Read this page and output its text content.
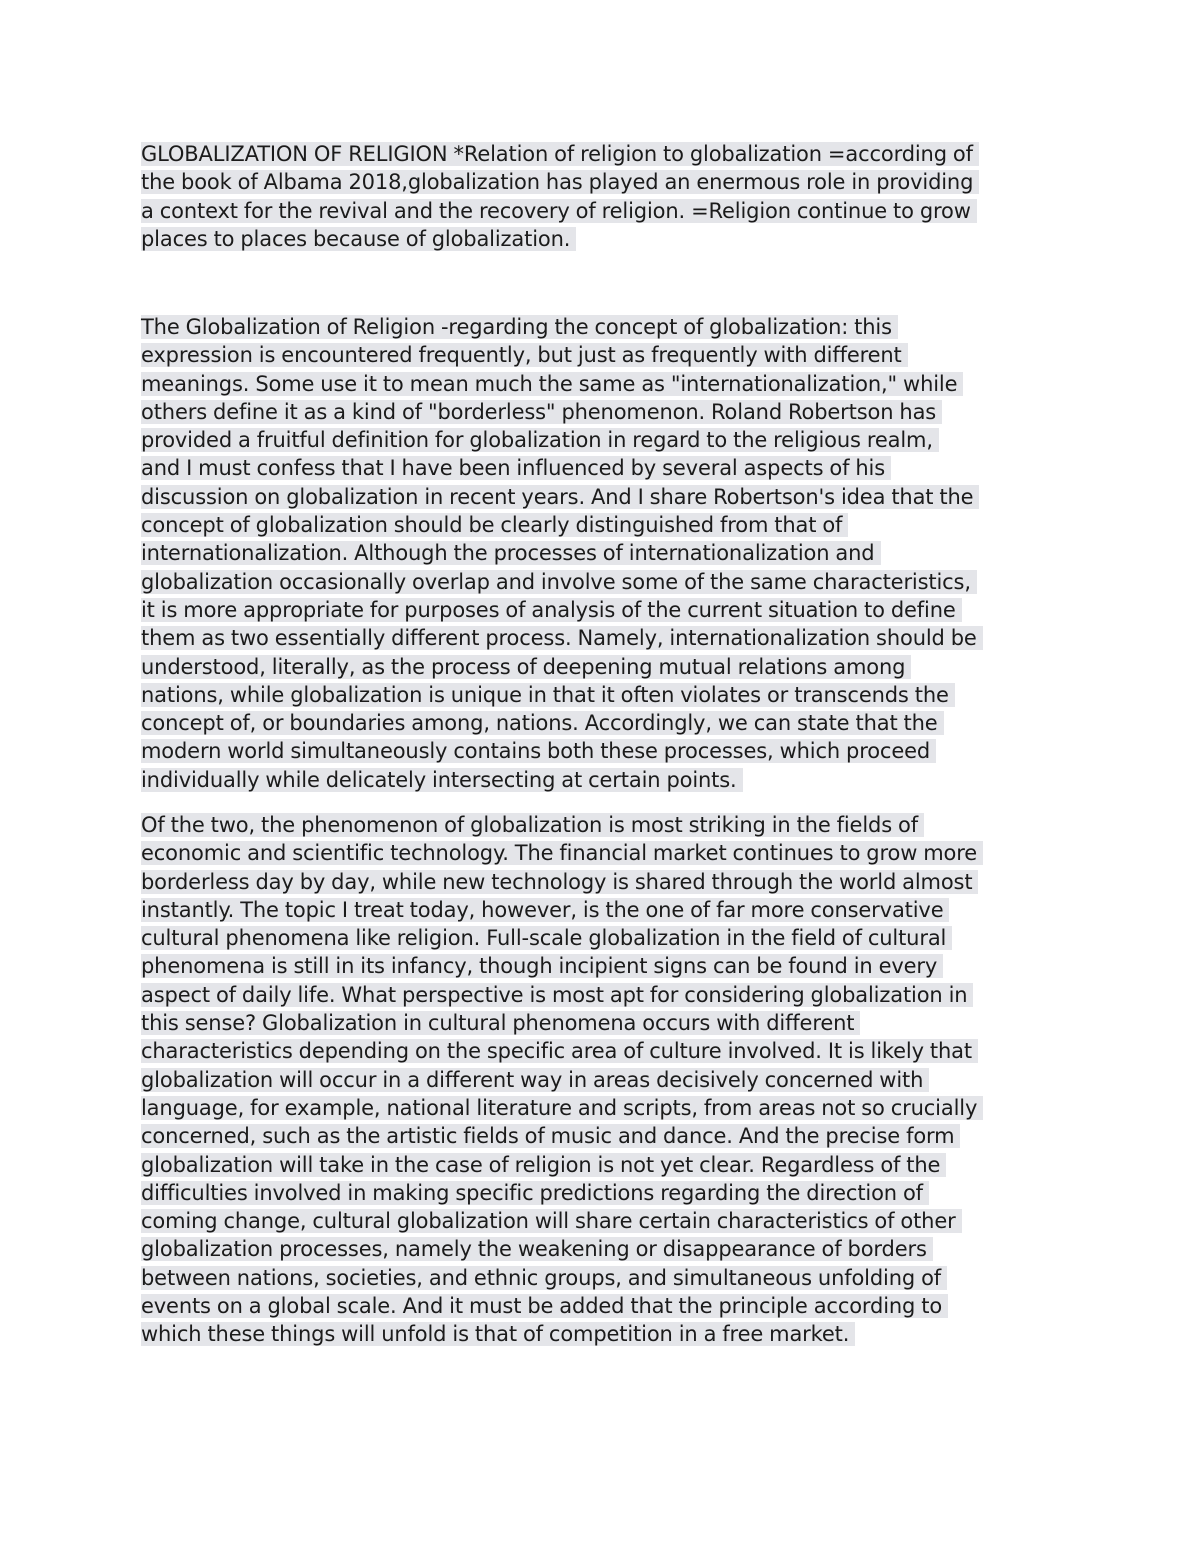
GLOBALIZATION OF RELIGION *Relation of religion to globalization =according of
the book of Albama 2018,globalization has played an enermous role in providing
a context for the revival and the recovery of religion. =Religion continue to grow
places to places because of globalization.
The Globalization of Religion -regarding the concept of globalization: this
expression is encountered frequently, but just as frequently with different
meanings. Some use it to mean much the same as "internationalization," while
others define it as a kind of "borderless" phenomenon. Roland Robertson has
provided a fruitful definition for globalization in regard to the religious realm,
and I must confess that I have been influenced by several aspects of his
discussion on globalization in recent years. And I share Robertson's idea that the
concept of globalization should be clearly distinguished from that of
internationalization. Although the processes of internationalization and
globalization occasionally overlap and involve some of the same characteristics,
it is more appropriate for purposes of analysis of the current situation to define
them as two essentially different process. Namely, internationalization should be
understood, literally, as the process of deepening mutual relations among
nations, while globalization is unique in that it often violates or transcends the
concept of, or boundaries among, nations. Accordingly, we can state that the
modern world simultaneously contains both these processes, which proceed
individually while delicately intersecting at certain points.
Of the two, the phenomenon of globalization is most striking in the fields of
economic and scientific technology. The financial market continues to grow more
borderless day by day, while new technology is shared through the world almost
instantly. The topic I treat today, however, is the one of far more conservative
cultural phenomena like religion. Full-scale globalization in the field of cultural
phenomena is still in its infancy, though incipient signs can be found in every
aspect of daily life. What perspective is most apt for considering globalization in
this sense? Globalization in cultural phenomena occurs with different
characteristics depending on the specific area of culture involved. It is likely that
globalization will occur in a different way in areas decisively concerned with
language, for example, national literature and scripts, from areas not so crucially
concerned, such as the artistic fields of music and dance. And the precise form
globalization will take in the case of religion is not yet clear. Regardless of the
difficulties involved in making specific predictions regarding the direction of
coming change, cultural globalization will share certain characteristics of other
globalization processes, namely the weakening or disappearance of borders
between nations, societies, and ethnic groups, and simultaneous unfolding of
events on a global scale. And it must be added that the principle according to
which these things will unfold is that of competition in a free market.
